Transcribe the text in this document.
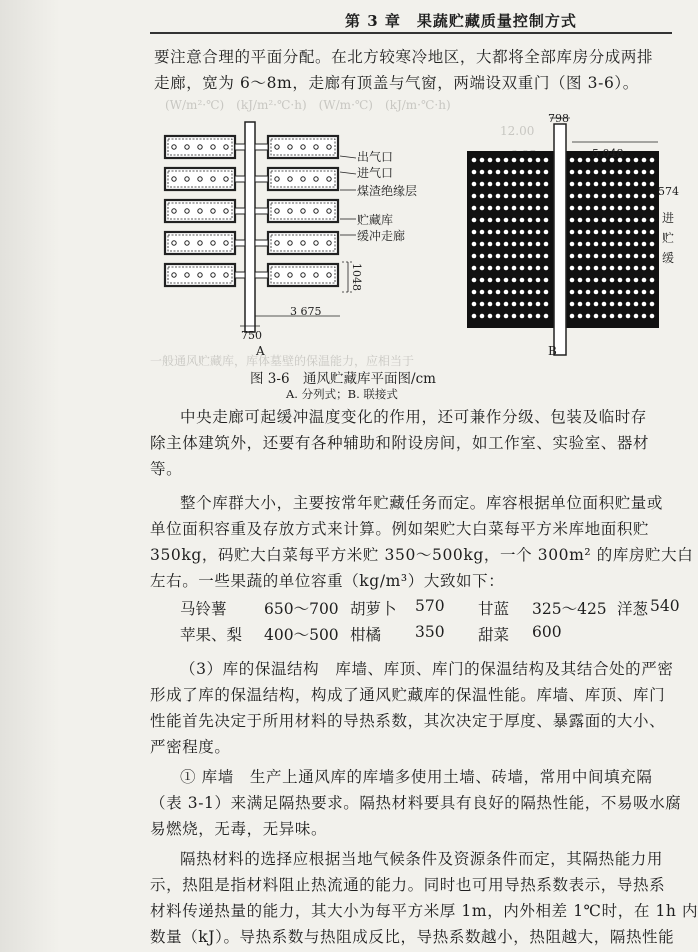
第 3 章　果蔬贮藏质量控制方式
要注意合理的平面分配。在北方较寒冷地区，大都将全部库房分成两排
走廊，宽为 6～8m，走廊有顶盖与气窗，两端设双重门（图 3-6）。
(W/m²·℃)　(kJ/m²·℃·h)　(W/m·℃)　(kJ/m·℃·h)
一般通风贮藏库，库体墓壁的保温能力，应相当于
12.00
出气口
进气口
煤渣绝缘层
贮藏库
缓冲走廊
1048
3 675
750
A
798
5 048
574
进
贮
缓
B
图 3-6　通风贮藏库平面图/cm
A. 分列式；B. 联接式
中央走廊可起缓冲温度变化的作用，还可兼作分级、包装及临时存
除主体建筑外，还要有各种辅助和附设房间，如工作室、实验室、器材
等。
整个库群大小，主要按常年贮藏任务而定。库容根据单位面积贮量或
单位面积容重及存放方式来计算。例如架贮大白菜每平方米库地面积贮
350kg，码贮大白菜每平方米贮 350～500kg，一个 300m² 的库房贮大白
左右。一些果蔬的单位容重（kg/m³）大致如下：
马铃薯 650～700 胡萝卜 570 甘蓝 325～425 洋葱 540
苹果、梨 400～500 柑橘 350 甜菜 600
（3）库的保温结构　库墙、库顶、库门的保温结构及其结合处的严密
形成了库的保温结构，构成了通风贮藏库的保温性能。库墙、库顶、库门
性能首先决定于所用材料的导热系数，其次决定于厚度、暴露面的大小、
严密程度。
① 库墙　生产上通风库的库墙多使用土墙、砖墙，常用中间填充隔
（表 3-1）来满足隔热要求。隔热材料要具有良好的隔热性能，不易吸水腐
易燃烧，无毒，无异味。
隔热材料的选择应根据当地气候条件及资源条件而定，其隔热能力用
示，热阻是指材料阻止热流通的能力。同时也可用导热系数表示，导热系
材料传递热量的能力，其大小为每平方米厚 1m，内外相差 1℃时，在 1h 内
数量（kJ）。导热系数与热阻成反比，导热系数越小，热阻越大，隔热性能
